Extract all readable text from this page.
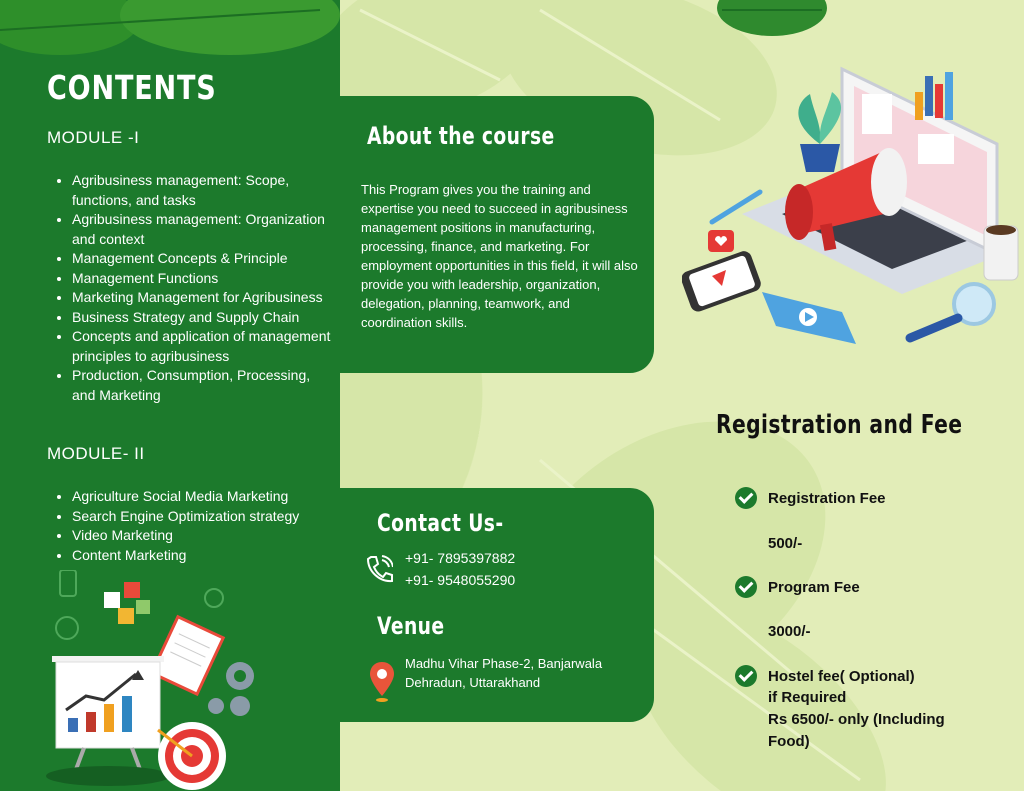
CONTENTS
MODULE -I
• Agribusiness management: Scope, functions, and tasks
• Agribusiness management: Organization and context
• Management Concepts & Principle
• Management Functions
• Marketing Management for Agribusiness
• Business Strategy and Supply Chain
• Concepts and application of management principles to agribusiness
• Production, Consumption, Processing, and Marketing
MODULE- II
• Agriculture Social Media Marketing
• Search Engine Optimization strategy
• Video Marketing
• Content Marketing
About the course
This Program gives you the training and expertise you need to succeed in agribusiness management positions in manufacturing, processing, finance, and marketing. For employment opportunities in this field, it will also provide you with leadership, organization, delegation, planning, teamwork, and coordination skills.
Contact Us-
+91- 7895397882
+91- 9548055290
Venue
Madhu Vihar Phase-2, Banjarwala Dehradun, Uttarakhand
Registration and Fee
Registration Fee
500/-
Program Fee
3000/-
Hostel fee( Optional)
if Required
Rs 6500/- only (Including
Food)
